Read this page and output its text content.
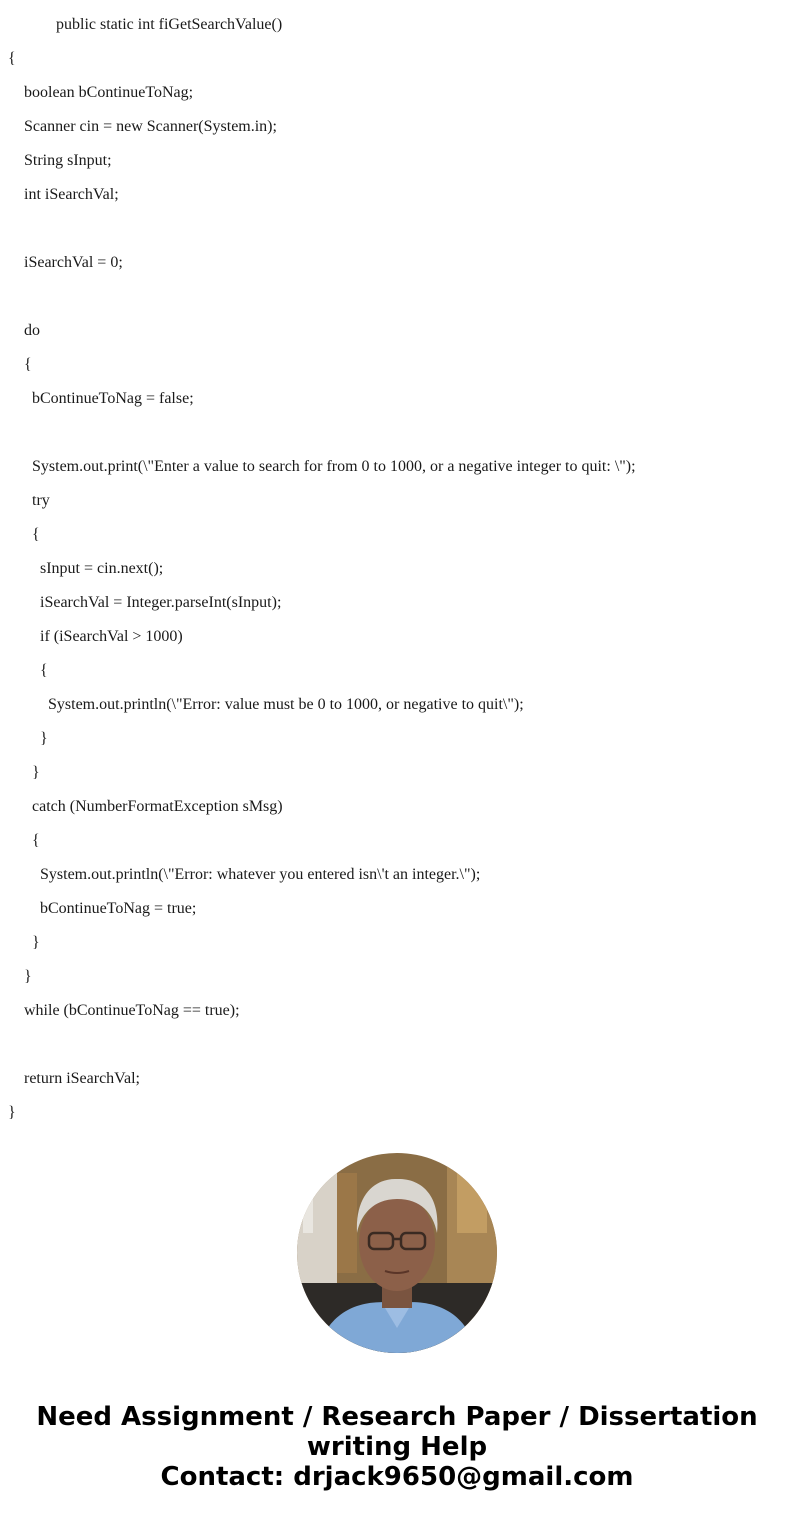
public static int fiGetSearchValue()
{
boolean bContinueToNag;
Scanner cin = new Scanner(System.in);
String sInput;
int iSearchVal;
iSearchVal = 0;
do
{
bContinueToNag = false;
System.out.print(\"Enter a value to search for from 0 to 1000, or a negative integer to quit: \");
try
{
sInput = cin.next();
iSearchVal = Integer.parseInt(sInput);
if (iSearchVal > 1000)
{
System.out.println(\"Error: value must be 0 to 1000, or negative to quit\");
}
}
catch (NumberFormatException sMsg)
{
System.out.println(\"Error: whatever you entered isn\'t an integer.\");
bContinueToNag = true;
}
}
while (bContinueToNag == true);
return iSearchVal;
}
Need Assignment / Research Paper / Dissertation
writing Help
Contact: drjack9650@gmail.com
